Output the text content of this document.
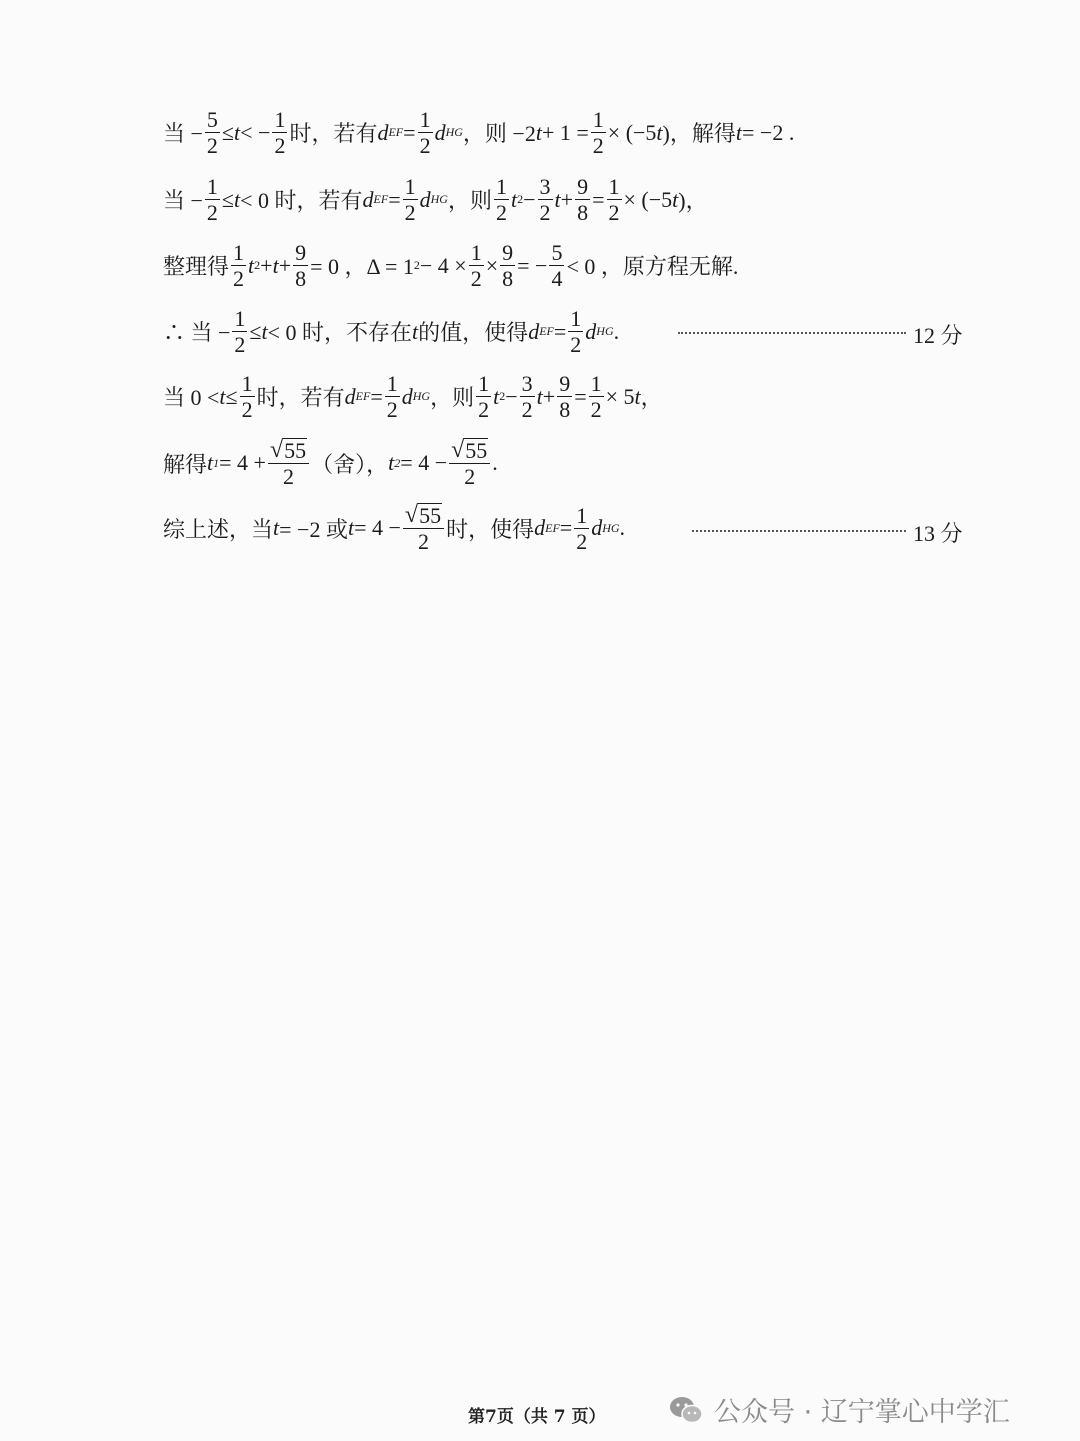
当 − $\frac{5}{2} \le t$ < − $\frac{1}{2}$ 时，若有 d EF = $\frac{1}{2}$ d HG ，则 −2 $t + 1 = \frac{1}{2} \times (-5$ t )，解得 t = −2 .
当 − $\frac{1}{2} \le t < 0$ 时，若有 d EF = $\frac{1}{2}$ d HG ，则
1
2
t $2 - \frac{3}{2}$ $t + \frac{9}{8} = \frac{1}{2} \times (-5$ t )，
整理得
1
2
t $2 + t + \frac{9}{8} = 0$ ，Δ = 1 $2 - 4 \times \frac{1}{2} \times \frac{9}{8}$ = − $\frac{5}{4} < 0$ ，原方程无解.
∴ 当 − $\frac{1}{2} \le t < 0$ 时，不存在 t 的值，使得 d EF = $\frac{1}{2}$ d HG .	12 分
当 $0 < t \le \frac{1}{2}$ 时，若有 d EF = $\frac{1}{2}$ d HG ，则
1
2
t $2 - \frac{3}{2}$ $t + \frac{9}{8} = \frac{1}{2} \times 5$ t ，
解得 t $1 = 4 + \frac{√ 55}{2}$ （舍）， t $2 = 4 - \frac{√ 55}{2}$ .
综上述，当 t = −2 或 $t = 4 - \frac{√ 55}{2}$ 时，使得 d EF = $\frac{1}{2}$ d HG .	13 分
第7页（共 7 页）	公众号 · 辽宁掌心中学汇
